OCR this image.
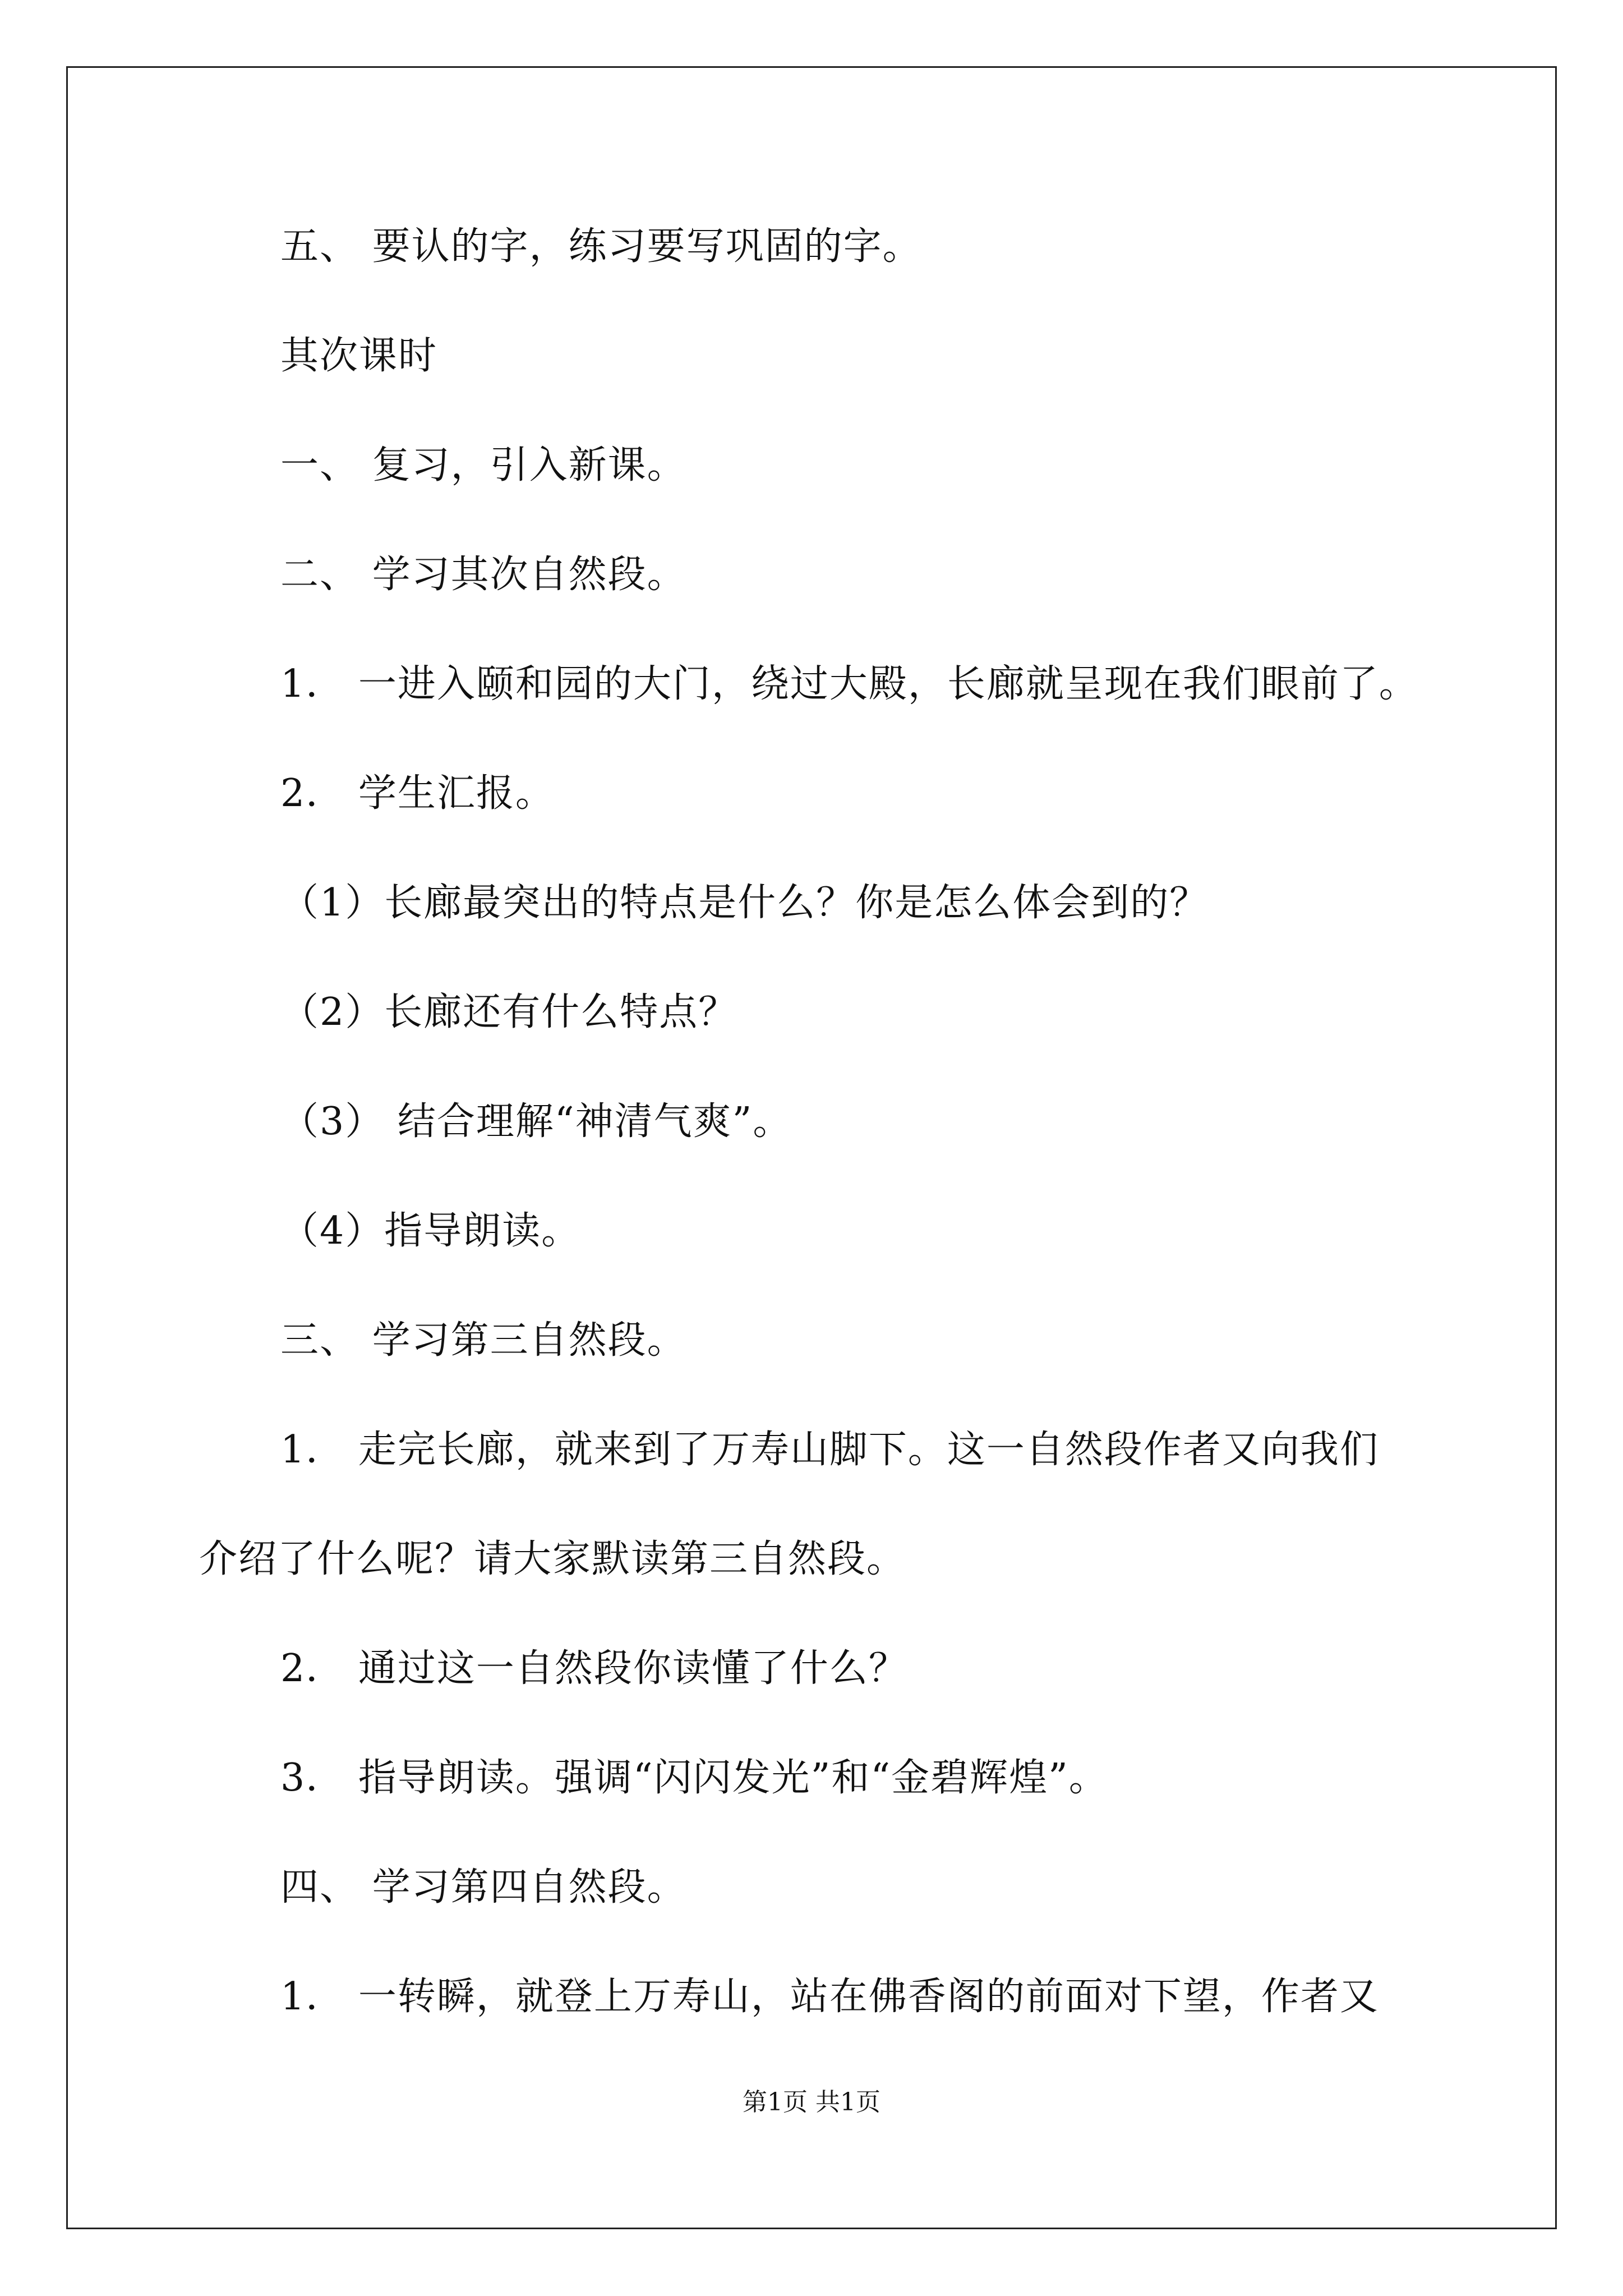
五、 要认的字，练习要写巩固的字。
其次课时
一、 复习，引入新课。
二、 学习其次自然段。
1． 一进入颐和园的大门，绕过大殿，长廊就呈现在我们眼前了。
2． 学生汇报。
（1）长廊最突出的特点是什么？你是怎么体会到的？
（2）长廊还有什么特点？
（3） 结合理解“神清气爽”。
（4）指导朗读。
三、 学习第三自然段。
1． 走完长廊，就来到了万寿山脚下。这一自然段作者又向我们
介绍了什么呢？请大家默读第三自然段。
2． 通过这一自然段你读懂了什么？
3． 指导朗读。强调“闪闪发光”和“金碧辉煌”。
四、 学习第四自然段。
1． 一转瞬，就登上万寿山，站在佛香阁的前面对下望，作者又
第1页 共1页
